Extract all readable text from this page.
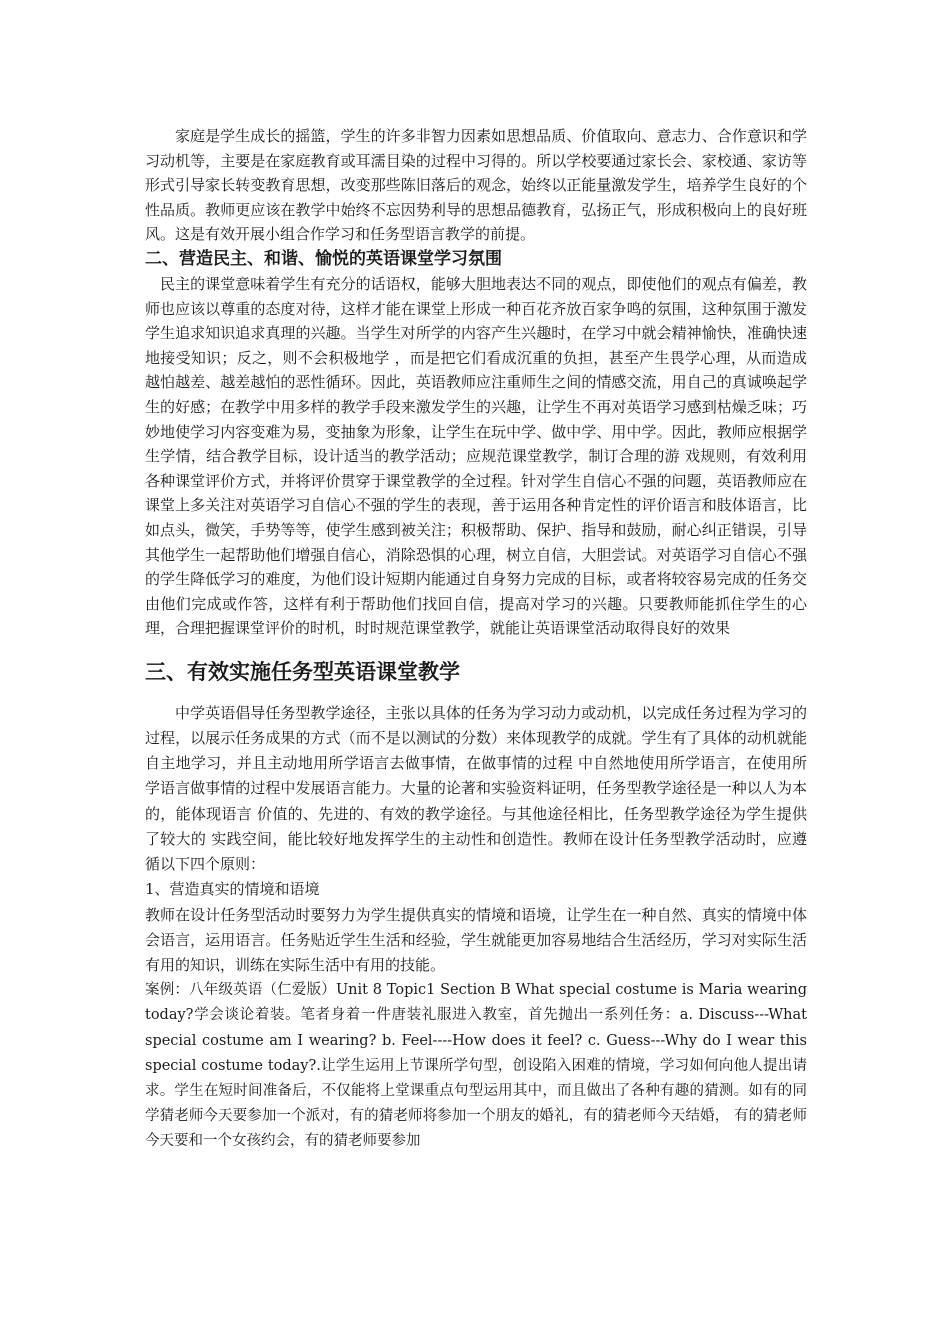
家庭是学生成长的摇篮，学生的许多非智力因素如思想品质、价值取向、意志力、合作意识和学习动机等，主要是在家庭教育或耳濡目染的过程中习得的。所以学校要通过家长会、家校通、家访等形式引导家长转变教育思想，改变那些陈旧落后的观念，始终以正能量激发学生，培养学生良好的个性品质。教师更应该在教学中始终不忘因势利导的思想品德教育，弘扬正气，形成积极向上的良好班风。这是有效开展小组合作学习和任务型语言教学的前提。

二、营造民主、和谐、愉悦的英语课堂学习氛围

民主的课堂意味着学生有充分的话语权，能够大胆地表达不同的观点，即使他们的观点有偏差，教师也应该以尊重的态度对待，这样才能在课堂上形成一种百花齐放百家争鸣的氛围，这种氛围于激发学生追求知识追求真理的兴趣。当学生对所学的内容产生兴趣时，在学习中就会精神愉快，准确快速地接受知识；反之，则不会积极地学 ，而是把它们看成沉重的负担，甚至产生畏学心理，从而造成越怕越差、越差越怕的恶性循环。因此，英语教师应注重师生之间的情感交流，用自己的真诚唤起学生的好感；在教学中用多样的教学手段来激发学生的兴趣，让学生不再对英语学习感到枯燥乏味；巧妙地使学习内容变难为易，变抽象为形象，让学生在玩中学、做中学、用中学。因此，教师应根据学生学情，结合教学目标，设计适当的教学活动；应规范课堂教学，制订合理的游 戏规则，有效利用各种课堂评价方式，并将评价贯穿于课堂教学的全过程。针对学生自信心不强的问题，英语教师应在课堂上多关注对英语学习自信心不强的学生的表现，善于运用各种肯定性的评价语言和肢体语言，比如点头，微笑，手势等等，使学生感到被关注；积极帮助、保护、指导和鼓励，耐心纠正错误，引导其他学生一起帮助他们增强自信心，消除恐惧的心理，树立自信，大胆尝试。对英语学习自信心不强的学生降低学习的难度，为他们设计短期内能通过自身努力完成的目标，或者将较容易完成的任务交由他们完成或作答，这样有利于帮助他们找回自信，提高对学习的兴趣。只要教师能抓住学生的心理，合理把握课堂评价的时机，时时规范课堂教学，就能让英语课堂活动取得良好的效果

三、有效实施任务型英语课堂教学

中学英语倡导任务型教学途径，主张以具体的任务为学习动力或动机，以完成任务过程为学习的过程，以展示任务成果的方式（而不是以测试的分数）来体现教学的成就。学生有了具体的动机就能自主地学习，并且主动地用所学语言去做事情，在做事情的过程 中自然地使用所学语言，在使用所学语言做事情的过程中发展语言能力。大量的论著和实验资料证明，任务型教学途径是一种以人为本的，能体现语言 价值的、先进的、有效的教学途径。与其他途径相比，任务型教学途径为学生提供了较大的 实践空间，能比较好地发挥学生的主动性和创造性。教师在设计任务型教学活动时，应遵循以下四个原则：

1、营造真实的情境和语境

教师在设计任务型活动时要努力为学生提供真实的情境和语境，让学生在一种自然、真实的情境中体会语言，运用语言。任务贴近学生生活和经验，学生就能更加容易地结合生活经历，学习对实际生活有用的知识，训练在实际生活中有用的技能。

案例：八年级英语（仁爱版）Unit 8 Topic1 Section B What special costume is Maria wearing today?学会谈论着装。笔者身着一件唐装礼服进入教室，首先抛出一系列任务：a. Discuss---What special costume am I wearing? b. Feel----How does it feel? c. Guess---Why do I wear this special costume today?.让学生运用上节课所学句型，创设陷入困难的情境，学习如何向他人提出请求。学生在短时间准备后，不仅能将上堂课重点句型运用其中，而且做出了各种有趣的猜测。如有的同学猜老师今天要参加一个派对，有的猜老师将参加一个朋友的婚礼，有的猜老师今天结婚， 有的猜老师今天要和一个女孩约会，有的猜老师要参加
